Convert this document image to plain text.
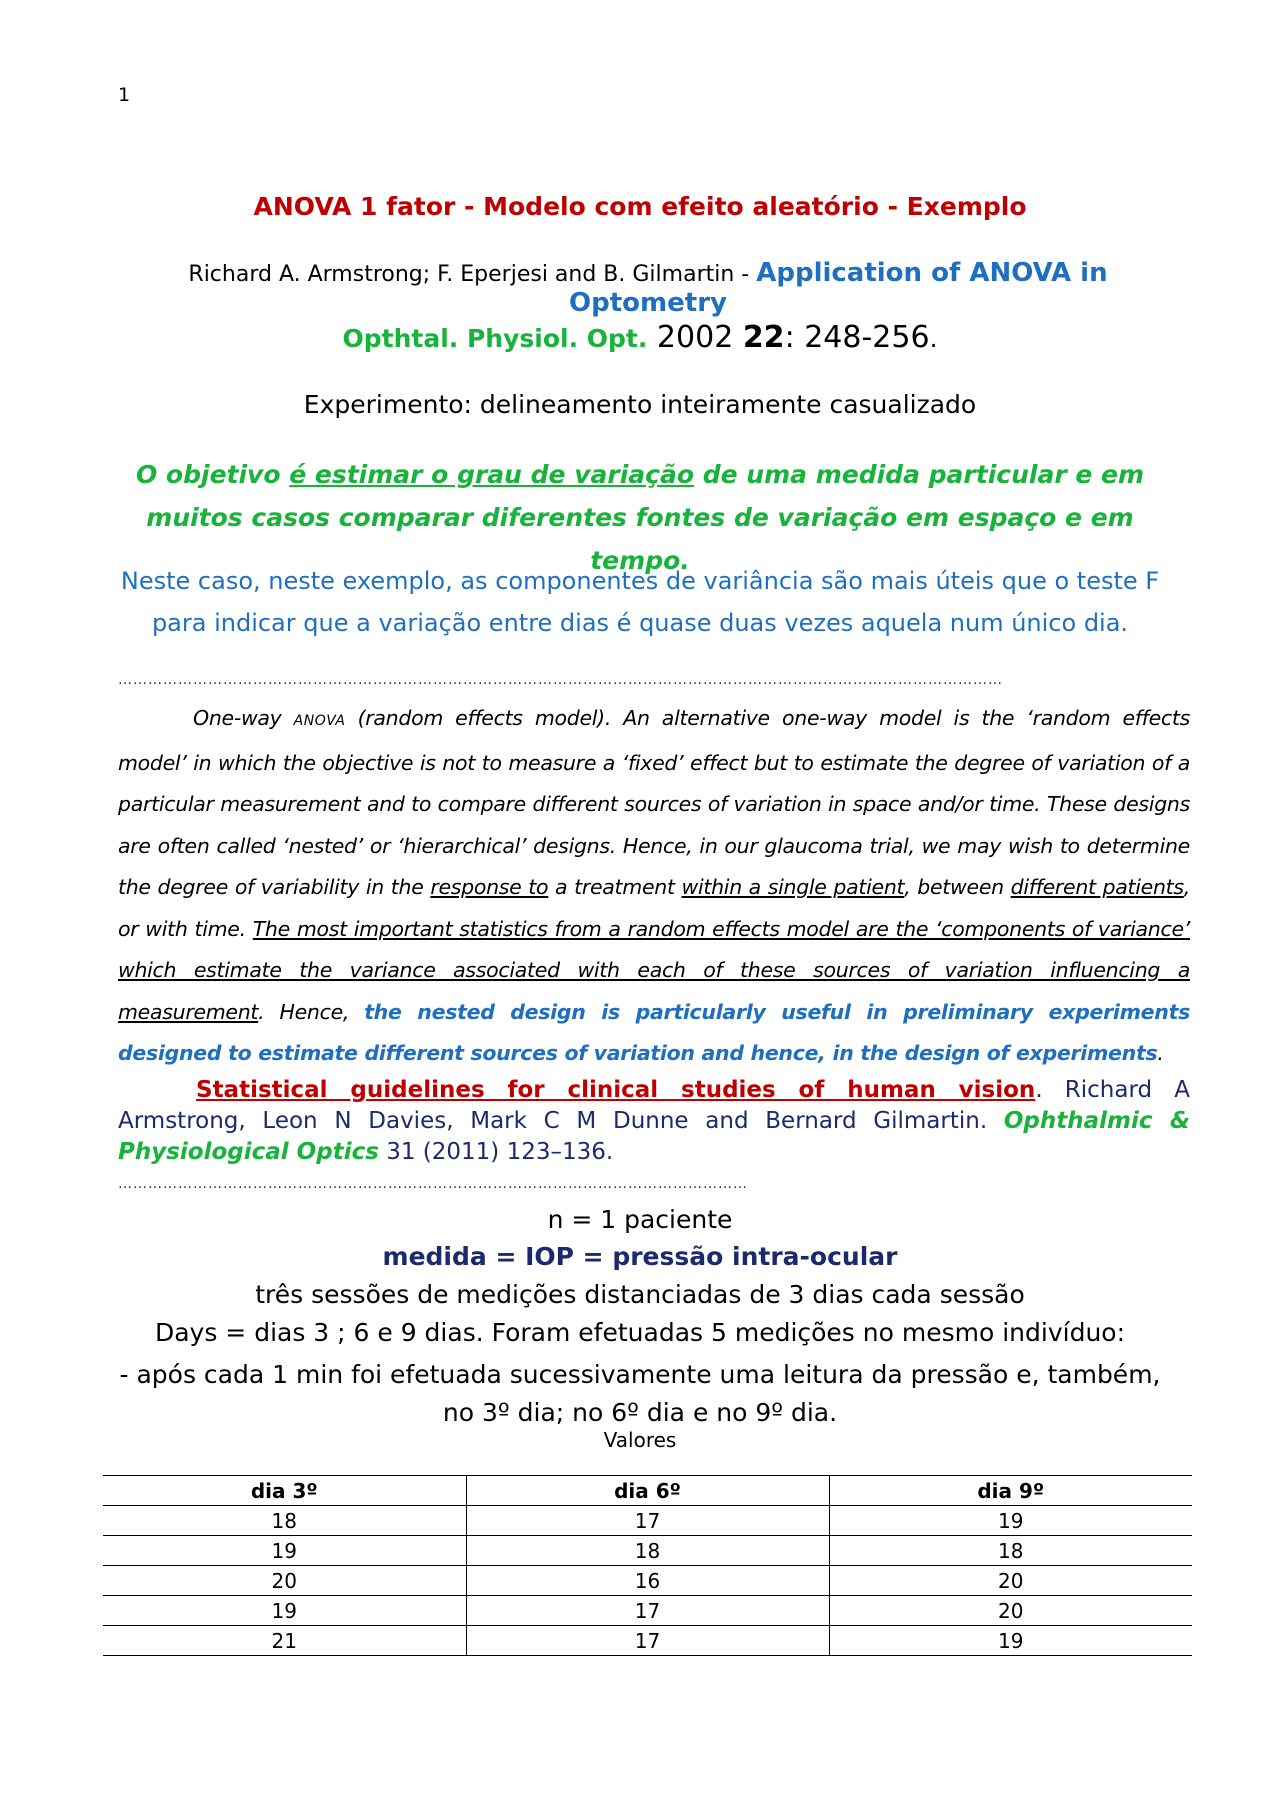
1
ANOVA 1 fator - Modelo com efeito aleatório - Exemplo
Richard A. Armstrong; F. Eperjesi and B. Gilmartin - Application of ANOVA in Optometry
Opthtal. Physiol. Opt. 2002 22: 248-256.
Experimento: delineamento inteiramente casualizado
O objetivo é estimar o grau de variação de uma medida particular e em muitos casos comparar diferentes fontes de variação em espaço e em tempo.
Neste caso, neste exemplo, as componentes de variância são mais úteis que o teste F para indicar que a variação entre dias é quase duas vezes aquela num único dia.
……………………………………………………………………………………………………………………………………………………………
One-way ANOVA (random effects model). An alternative one-way model is the ‘random effects model’ in which the objective is not to measure a ‘fixed’ effect but to estimate the degree of variation of a particular measurement and to compare different sources of variation in space and/or time. These designs are often called ‘nested’ or ‘hierarchical’ designs. Hence, in our glaucoma trial, we may wish to determine the degree of variability in the response to a treatment within a single patient, between different patients, or with time. The most important statistics from a random effects model are the ‘components of variance’ which estimate the variance associated with each of these sources of variation influencing a measurement. Hence, the nested design is particularly useful in preliminary experiments designed to estimate different sources of variation and hence, in the design of experiments.
Statistical guidelines for clinical studies of human vision. Richard A Armstrong, Leon N Davies, Mark C M Dunne and Bernard Gilmartin. Ophthalmic & Physiological Optics 31 (2011) 123–136.
………………………………………………………………………………………………………………
n = 1 paciente
medida = IOP = pressão intra-ocular
três sessões de medições distanciadas de 3 dias cada sessão
Days = dias 3 ; 6 e 9 dias. Foram efetuadas 5 medições no mesmo indivíduo:
- após cada 1 min foi efetuada sucessivamente uma leitura da pressão e, também, no 3º dia; no 6º dia e no 9º dia.
Valores
dia 3º	dia 6º	dia 9º
18	17	19
19	18	18
20	16	20
19	17	20
21	17	19
